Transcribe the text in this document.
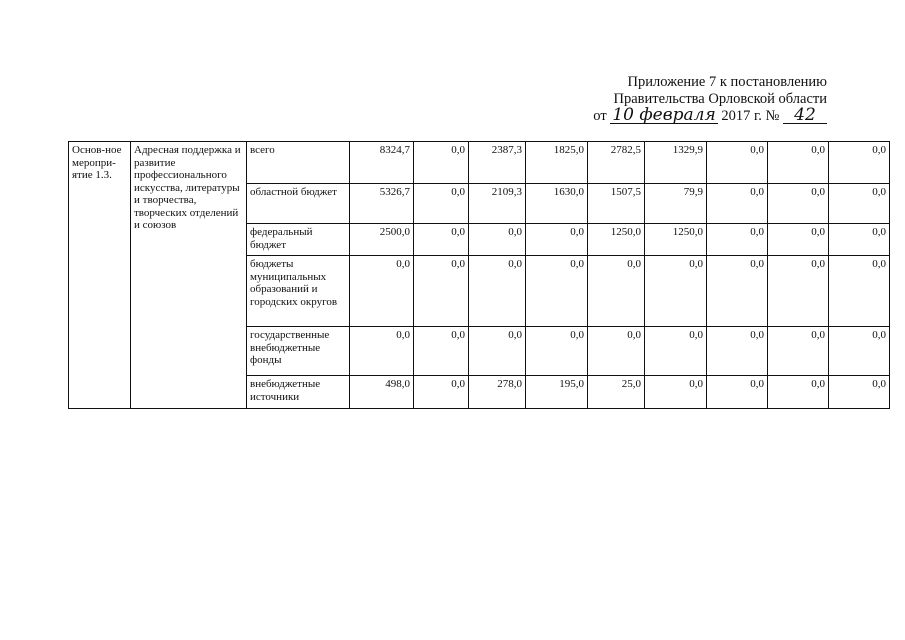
Приложение 7 к постановлению
Правительства Орловской области
от 10 февраля 2017 г. № 42
Основ-ное меропри-ятие 1.3.	Адресная поддержка и развитие профессионального искусства, литературы и творчества, творческих отделений и союзов	всего	8324,7	0,0	2387,3	1825,0	2782,5	1329,9	0,0	0,0	0,0
		областной бюджет	5326,7	0,0	2109,3	1630,0	1507,5	79,9	0,0	0,0	0,0
		федеральный бюджет	2500,0	0,0	0,0	0,0	1250,0	1250,0	0,0	0,0	0,0
		бюджеты муниципальных образований и городских округов	0,0	0,0	0,0	0,0	0,0	0,0	0,0	0,0	0,0
		государственные внебюджетные фонды	0,0	0,0	0,0	0,0	0,0	0,0	0,0	0,0	0,0
		внебюджетные источники	498,0	0,0	278,0	195,0	25,0	0,0	0,0	0,0	0,0
